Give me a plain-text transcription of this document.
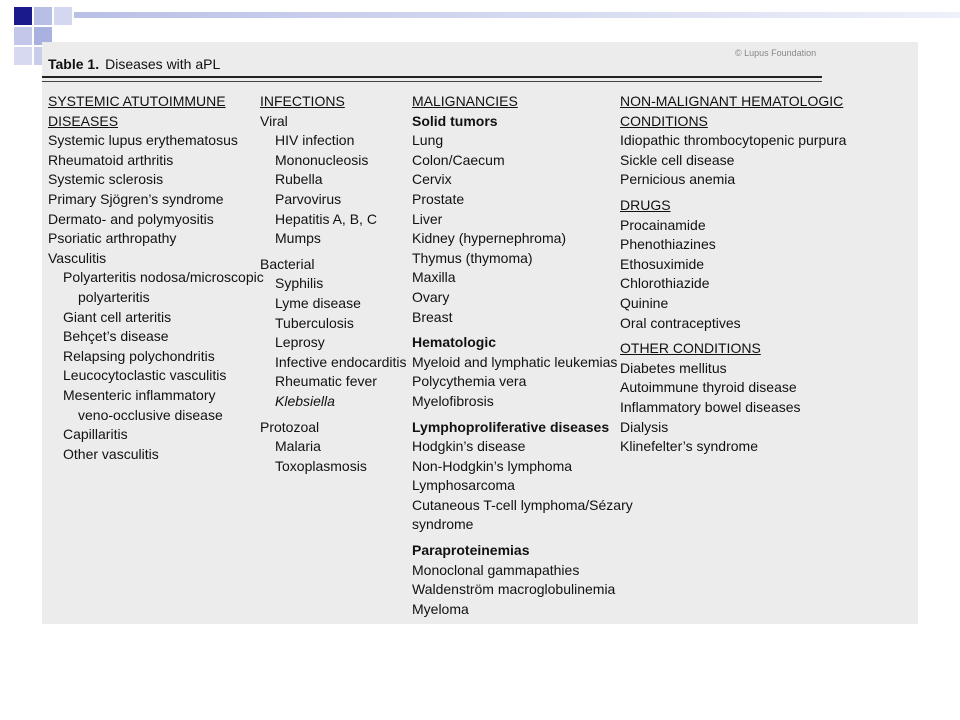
© Lupus Foundation
Table 1. Diseases with aPL
SYSTEMIC ATUTOIMMUNE
DISEASES
Systemic lupus erythematosus
Rheumatoid arthritis
Systemic sclerosis
Primary Sjögren’s syndrome
Dermato- and polymyositis
Psoriatic arthropathy
Vasculitis
Polyarteritis nodosa/microscopic
polyarteritis
Giant cell arteritis
Behçet’s disease
Relapsing polychondritis
Leucocytoclastic vasculitis
Mesenteric inflammatory
veno-occlusive disease
Capillaritis
Other vasculitis
INFECTIONS
Viral
HIV infection
Mononucleosis
Rubella
Parvovirus
Hepatitis A, B, C
Mumps
Bacterial
Syphilis
Lyme disease
Tuberculosis
Leprosy
Infective endocarditis
Rheumatic fever
Klebsiella
Protozoal
Malaria
Toxoplasmosis
MALIGNANCIES
Solid tumors
Lung
Colon/Caecum
Cervix
Prostate
Liver
Kidney (hypernephroma)
Thymus (thymoma)
Maxilla
Ovary
Breast
Hematologic
Myeloid and lymphatic leukemias
Polycythemia vera
Myelofibrosis
Lymphoproliferative diseases
Hodgkin’s disease
Non-Hodgkin’s lymphoma
Lymphosarcoma
Cutaneous T-cell lymphoma/Sézary
syndrome
Paraproteinemias
Monoclonal gammapathies
Waldenström macroglobulinemia
Myeloma
NON-MALIGNANT HEMATOLOGIC
CONDITIONS
Idiopathic thrombocytopenic purpura
Sickle cell disease
Pernicious anemia
DRUGS
Procainamide
Phenothiazines
Ethosuximide
Chlorothiazide
Quinine
Oral contraceptives
OTHER CONDITIONS
Diabetes mellitus
Autoimmune thyroid disease
Inflammatory bowel diseases
Dialysis
Klinefelter’s syndrome
